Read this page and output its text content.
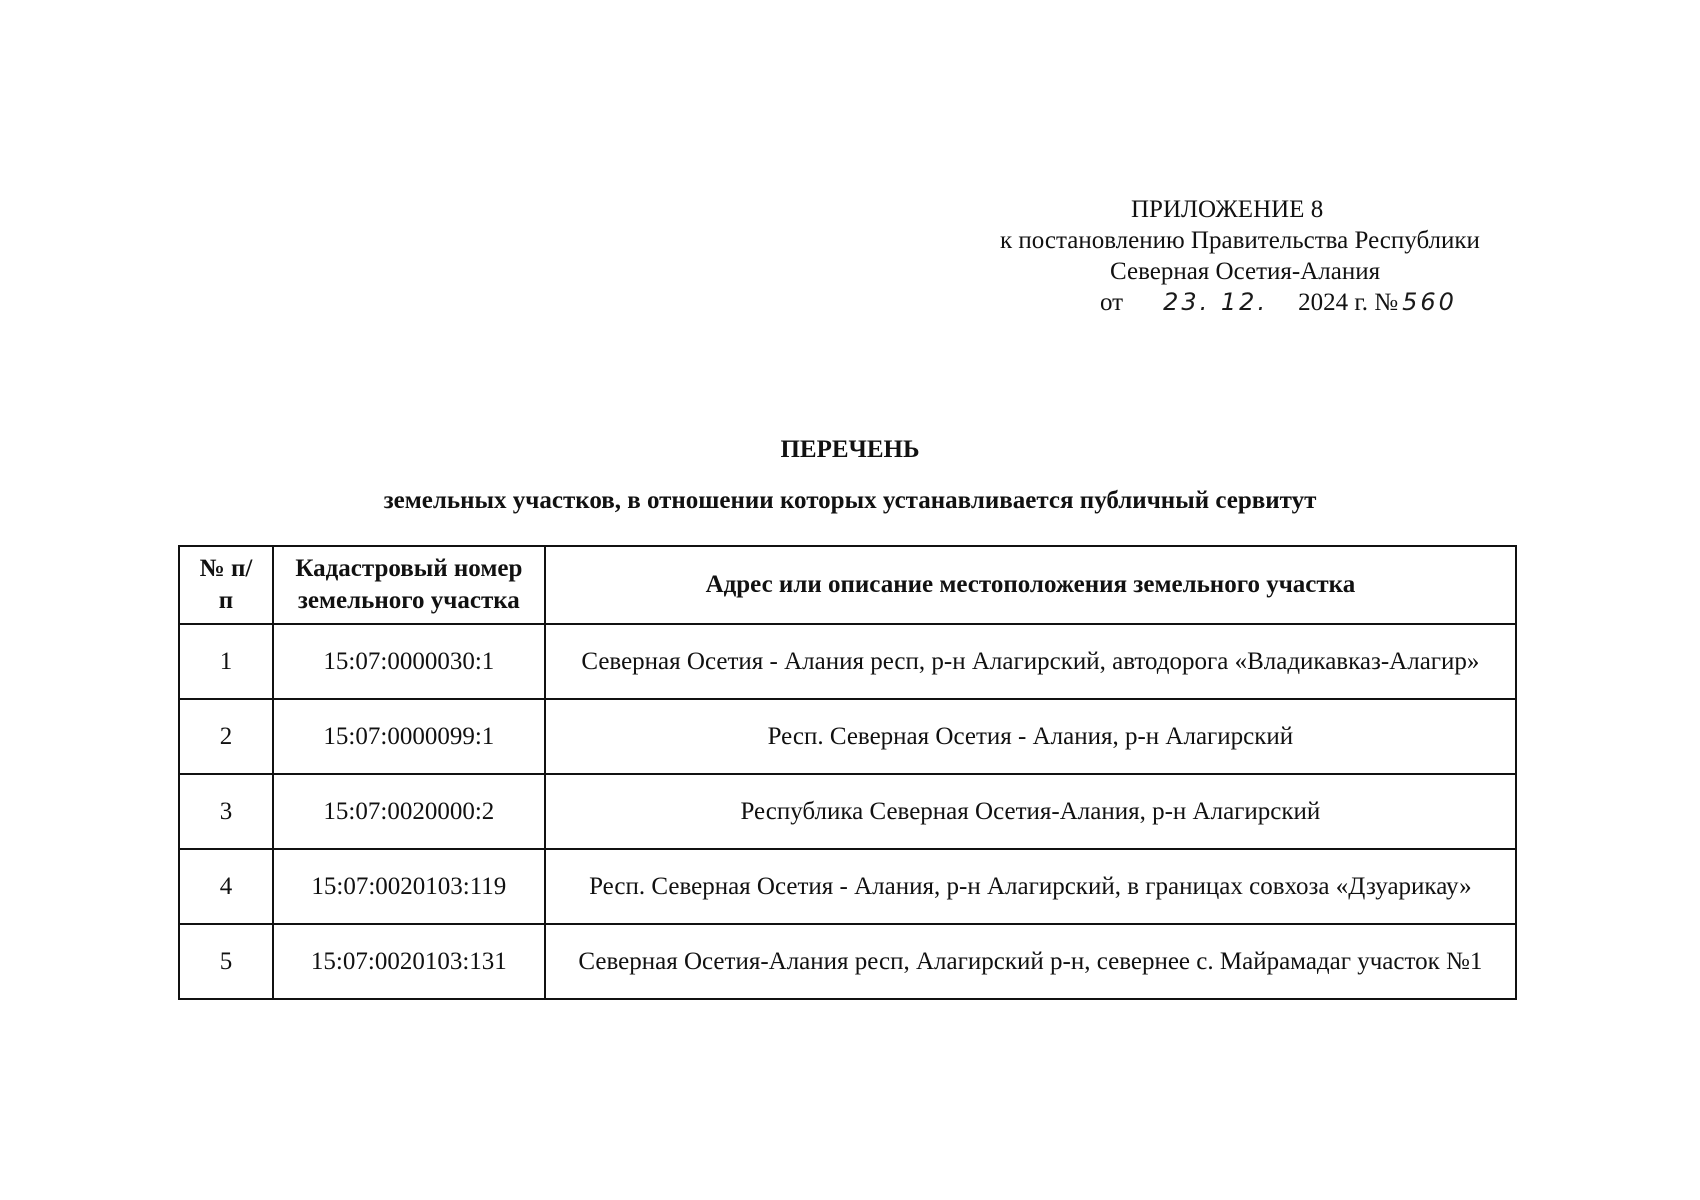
ПРИЛОЖЕНИЕ 8
к постановлению Правительства Республики
Северная Осетия-Алания
от 23. 12. 2024 г. № 560
ПЕРЕЧЕНЬ
земельных участков, в отношении которых устанавливается публичный сервитут
№ п/п	Кадастровый номер земельного участка	Адрес или описание местоположения земельного участка
1	15:07:0000030:1	Северная Осетия - Алания респ, р-н Алагирский, автодорога «Владикавказ-Алагир»
2	15:07:0000099:1	Респ. Северная Осетия - Алания, р-н Алагирский
3	15:07:0020000:2	Республика Северная Осетия-Алания, р-н Алагирский
4	15:07:0020103:119	Респ. Северная Осетия - Алания, р-н Алагирский, в границах совхоза «Дзуарикау»
5	15:07:0020103:131	Северная Осетия-Алания респ, Алагирский р-н, севернее с. Майрамадаг участок №1
